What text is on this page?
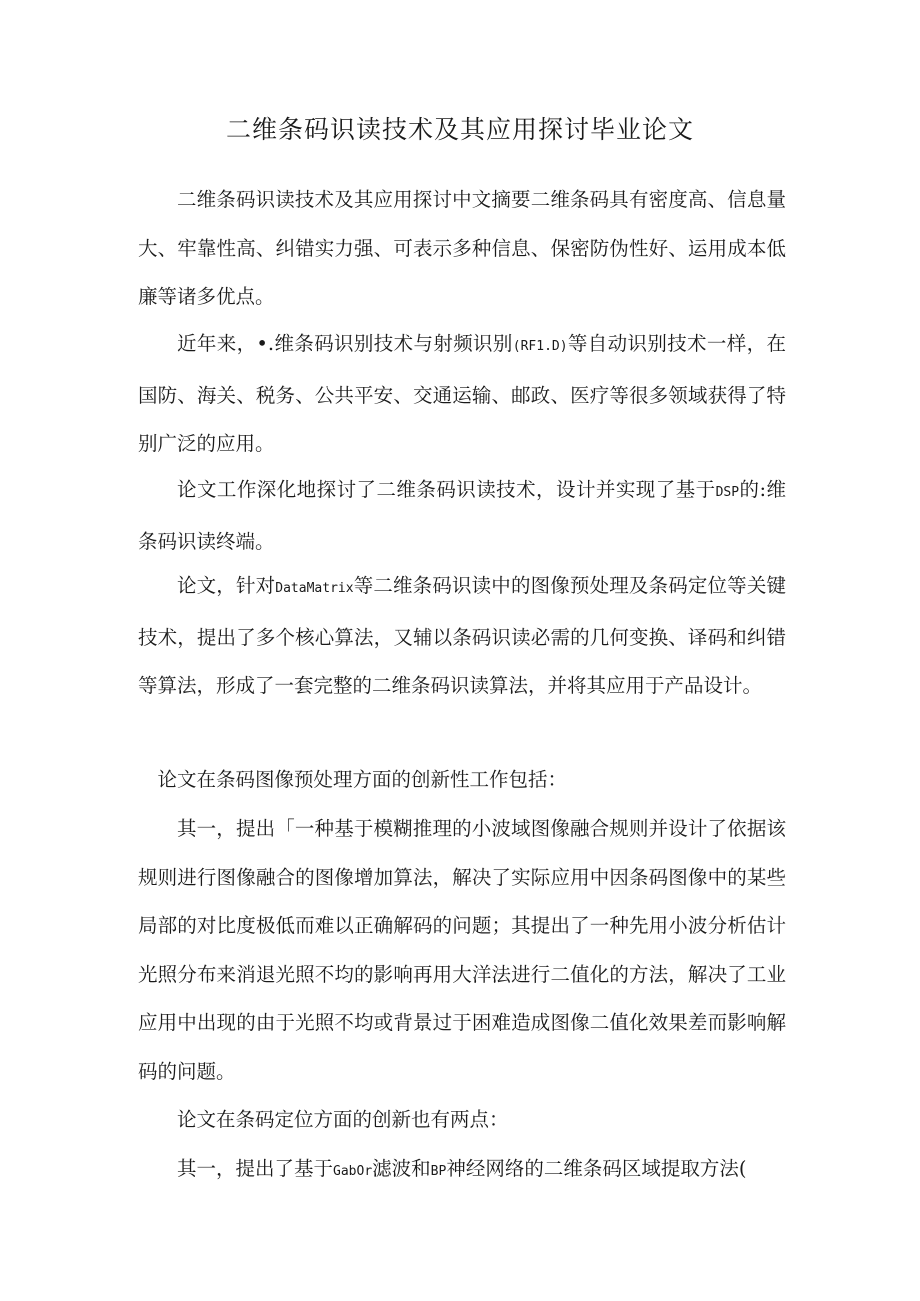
二维条码识读技术及其应用探讨毕业论文

二维条码识读技术及其应用探讨中文摘要二维条码具有密度高、信息量大、牢靠性高、纠错实力强、可表示多种信息、保密防伪性好、运用成本低廉等诸多优点。

近年来，•.维条码识别技术与射频识别(RF1.D)等自动识别技术一样，在国防、海关、税务、公共平安、交通运输、邮政、医疗等很多领域获得了特别广泛的应用。

论文工作深化地探讨了二维条码识读技术，设计并实现了基于DSP的:维条码识读终端。

论文，针对DataMatrix等二维条码识读中的图像预处理及条码定位等关键技术，提出了多个核心算法，又辅以条码识读必需的几何变换、译码和纠错等算法，形成了一套完整的二维条码识读算法，并将其应用于产品设计。

论文在条码图像预处理方面的创新性工作包括：

其一，提出「一种基于模糊推理的小波域图像融合规则并设计了依据该规则进行图像融合的图像增加算法，解决了实际应用中因条码图像中的某些局部的对比度极低而难以正确解码的问题；其提出了一种先用小波分析估计光照分布来消退光照不均的影响再用大洋法进行二值化的方法，解决了工业应用中出现的由于光照不均或背景过于困难造成图像二值化效果差而影响解码的问题。

论文在条码定位方面的创新也有两点：

其一，提出了基于GabOr滤波和BP神经网络的二维条码区域提取方法(
